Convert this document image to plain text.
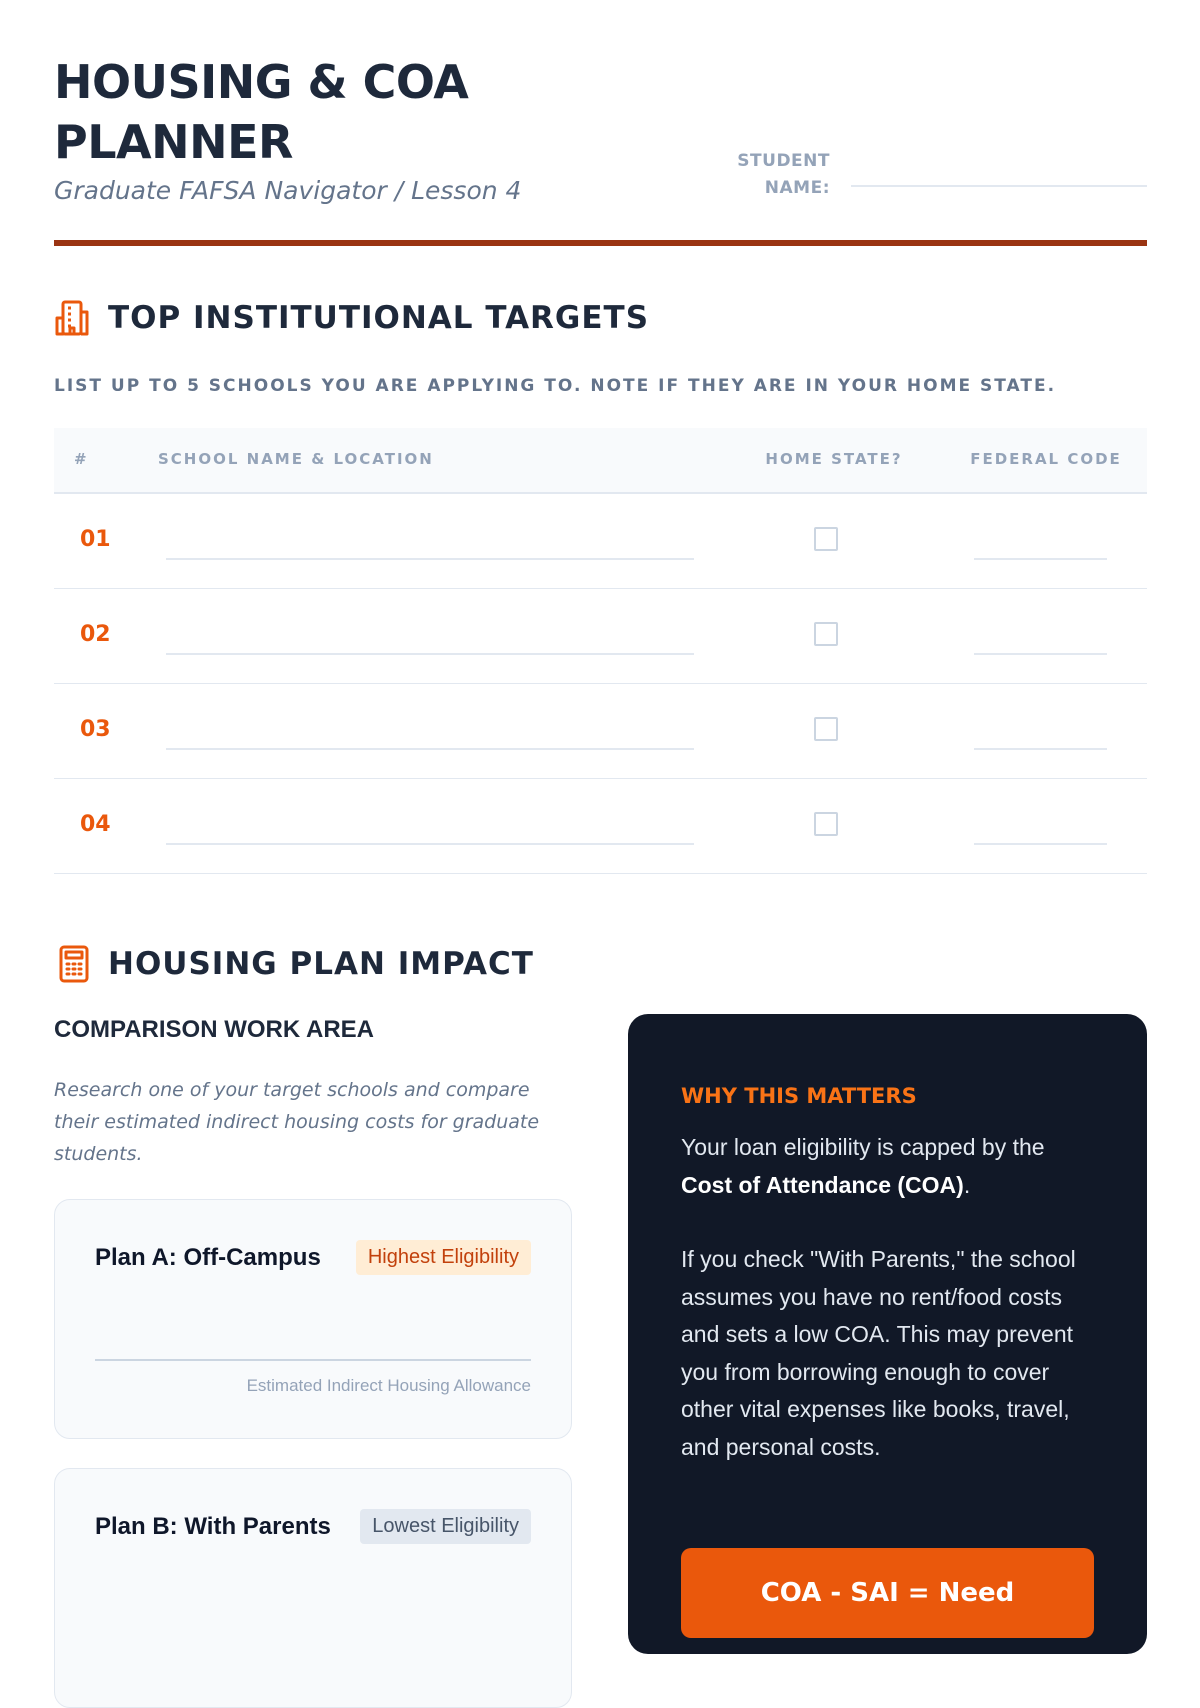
HOUSING & COA PLANNER
Graduate FAFSA Navigator / Lesson 4
STUDENT NAME:
TOP INSTITUTIONAL TARGETS
LIST UP TO 5 SCHOOLS YOU ARE APPLYING TO. NOTE IF THEY ARE IN YOUR HOME STATE.
#	SCHOOL NAME & LOCATION	HOME STATE?	FEDERAL CODE
01
02
03
04
HOUSING PLAN IMPACT
COMPARISON WORK AREA
Research one of your target schools and compare their estimated indirect housing costs for graduate students.
Plan A: Off-Campus	Highest Eligibility
Estimated Indirect Housing Allowance
Plan B: With Parents	Lowest Eligibility
WHY THIS MATTERS

Your loan eligibility is capped by the Cost of Attendance (COA).

If you check "With Parents," the school assumes you have no rent/food costs and sets a low COA. This may prevent you from borrowing enough to cover other vital expenses like books, travel, and personal costs.

COA - SAI = Need
